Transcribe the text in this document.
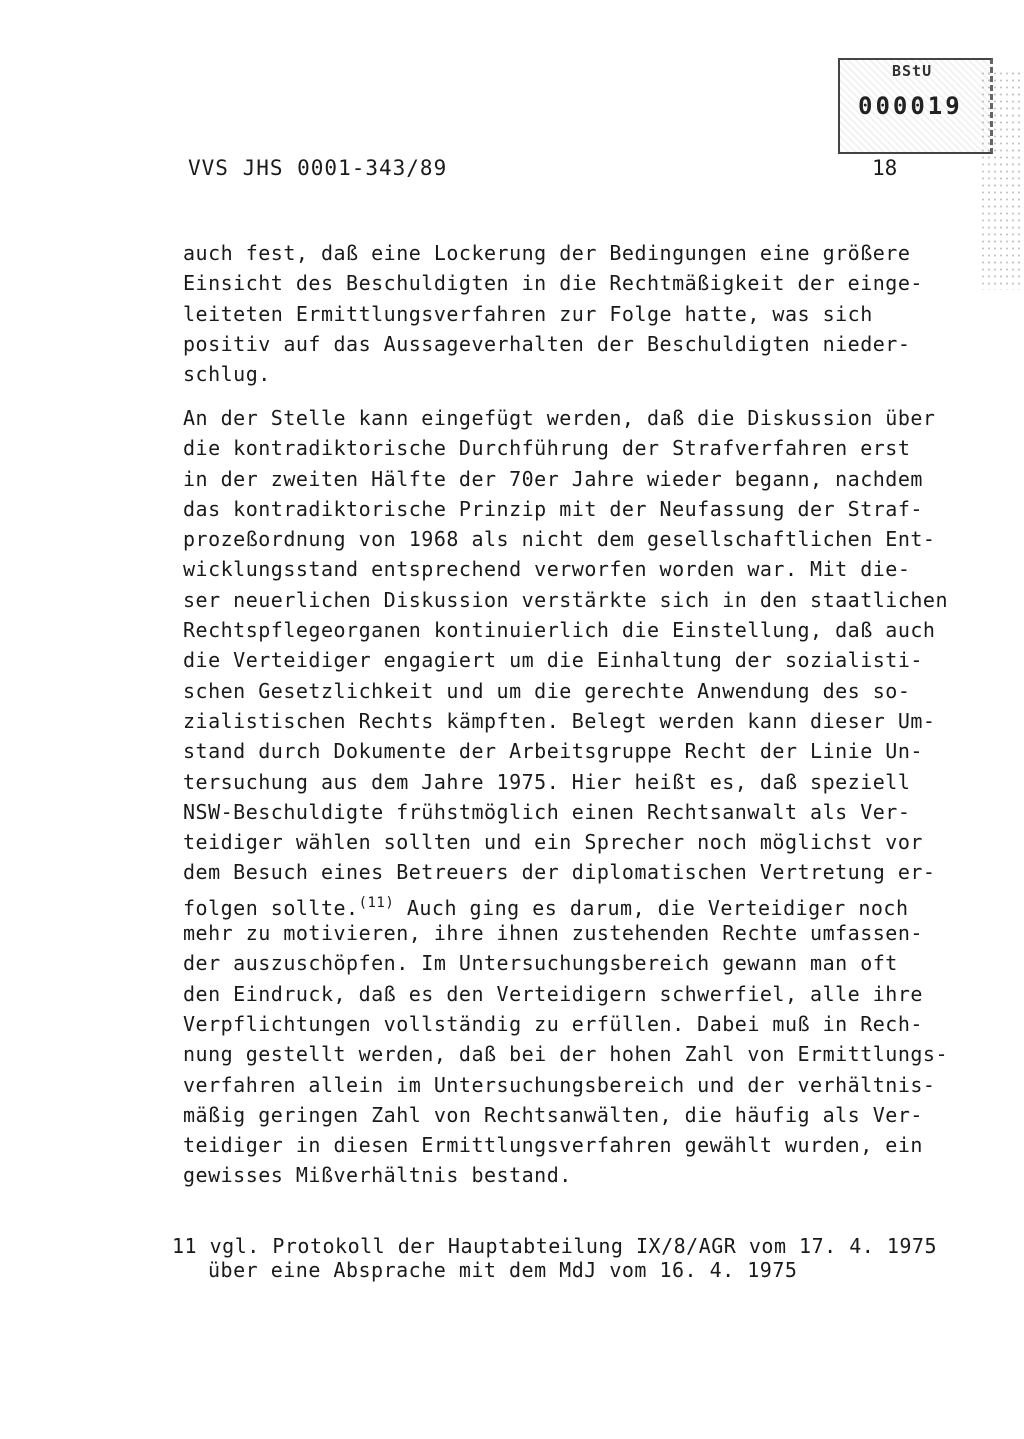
BStU
000019
VVS JHS 0001-343/89	18
auch fest, daß eine Lockerung der Bedingungen eine größere
Einsicht des Beschuldigten in die Rechtmäßigkeit der einge-
leiteten Ermittlungsverfahren zur Folge hatte, was sich
positiv auf das Aussageverhalten der Beschuldigten nieder-
schlug.
An der Stelle kann eingefügt werden, daß die Diskussion über
die kontradiktorische Durchführung der Strafverfahren erst
in der zweiten Hälfte der 70er Jahre wieder begann, nachdem
das kontradiktorische Prinzip mit der Neufassung der Straf-
prozeßordnung von 1968 als nicht dem gesellschaftlichen Ent-
wicklungsstand entsprechend verworfen worden war. Mit die-
ser neuerlichen Diskussion verstärkte sich in den staatlichen
Rechtspflegeorganen kontinuierlich die Einstellung, daß auch
die Verteidiger engagiert um die Einhaltung der sozialisti-
schen Gesetzlichkeit und um die gerechte Anwendung des so-
zialistischen Rechts kämpften. Belegt werden kann dieser Um-
stand durch Dokumente der Arbeitsgruppe Recht der Linie Un-
tersuchung aus dem Jahre 1975. Hier heißt es, daß speziell
NSW-Beschuldigte frühstmöglich einen Rechtsanwalt als Ver-
teidiger wählen sollten und ein Sprecher noch möglichst vor
dem Besuch eines Betreuers der diplomatischen Vertretung er-
folgen sollte.$^{(11)}$ Auch ging es darum, die Verteidiger noch
mehr zu motivieren, ihre ihnen zustehenden Rechte umfassen-
der auszuschöpfen. Im Untersuchungsbereich gewann man oft
den Eindruck, daß es den Verteidigern schwerfiel, alle ihre
Verpflichtungen vollständig zu erfüllen. Dabei muß in Rech-
nung gestellt werden, daß bei der hohen Zahl von Ermittlungs-
verfahren allein im Untersuchungsbereich und der verhältnis-
mäßig geringen Zahl von Rechtsanwälten, die häufig als Ver-
teidiger in diesen Ermittlungsverfahren gewählt wurden, ein
gewisses Mißverhältnis bestand.
11 vgl. Protokoll der Hauptabteilung IX/8/AGR vom 17. 4. 1975
über eine Absprache mit dem MdJ vom 16. 4. 1975
